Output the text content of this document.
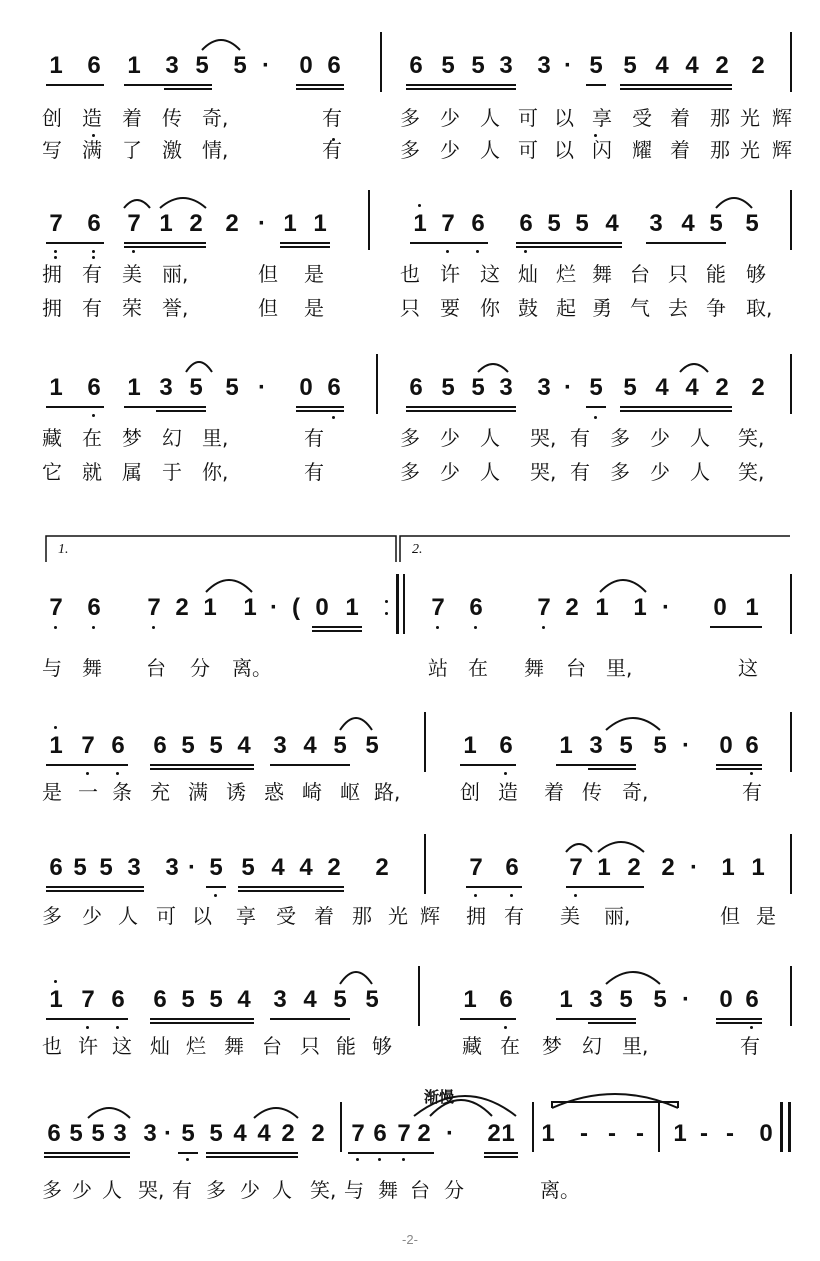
1 6 1 3 5 5 · 0 6	6 5 5 3 3 · 5 5 4 4 2 2
创 造 着 传 奇,	有	多 少 人 可 以 享 受 着 那 光 辉
写 满 了 激 情,	有	多 少 人 可 以 闪 耀 着 那 光 辉
7 6 7 1 2 2 · 1 1	1 7 6 6 5 5 4 3 4 5 5
拥 有 美 丽,	但 是	也 许 这 灿 烂 舞 台 只 能 够
拥 有 荣 誉,	但 是	只 要 你 鼓 起 勇 气 去 争 取,
1 6 1 3 5 5 · 0 6	6 5 5 3 3 · 5 5 4 4 2 2
藏 在 梦 幻 里,	有	多 少 人 哭, 有 多 少 人 笑,
它 就 属 于 你,	有	多 少 人 哭, 有 多 少 人 笑,
1.	2.
7 6 7 2 1 1 · ( 0 1	7 6 7 2 1 1 · 0 1
与 舞 台 分 离。	站 在 舞 台 里,	这
1 7 6 6 5 5 4 3 4 5 5	1 6 1 3 5 5 · 0 6
是 一 条 充 满 诱 惑 崎 岖 路,	创 造 着 传 奇,	有
6 5 5 3 3 · 5 5 4 4 2 2	7 6 7 1 2 2 · 1 1
多 少 人 可 以 享 受 着 那 光 辉 拥 有 美 丽,	但 是
1 7 6 6 5 5 4 3 4 5 5	1 6 1 3 5 5 · 0 6
也 许 这 灿 烂 舞 台 只 能 够	藏 在 梦 幻 里,	有
渐慢
6 5 5 3 3 · 5 5 4 4 2 2 7 6 7 2 · 2 1 1 - - - 1 - - 0
多 少 人 哭, 有 多 少 人 笑, 与 舞 台 分	离。
-2-
